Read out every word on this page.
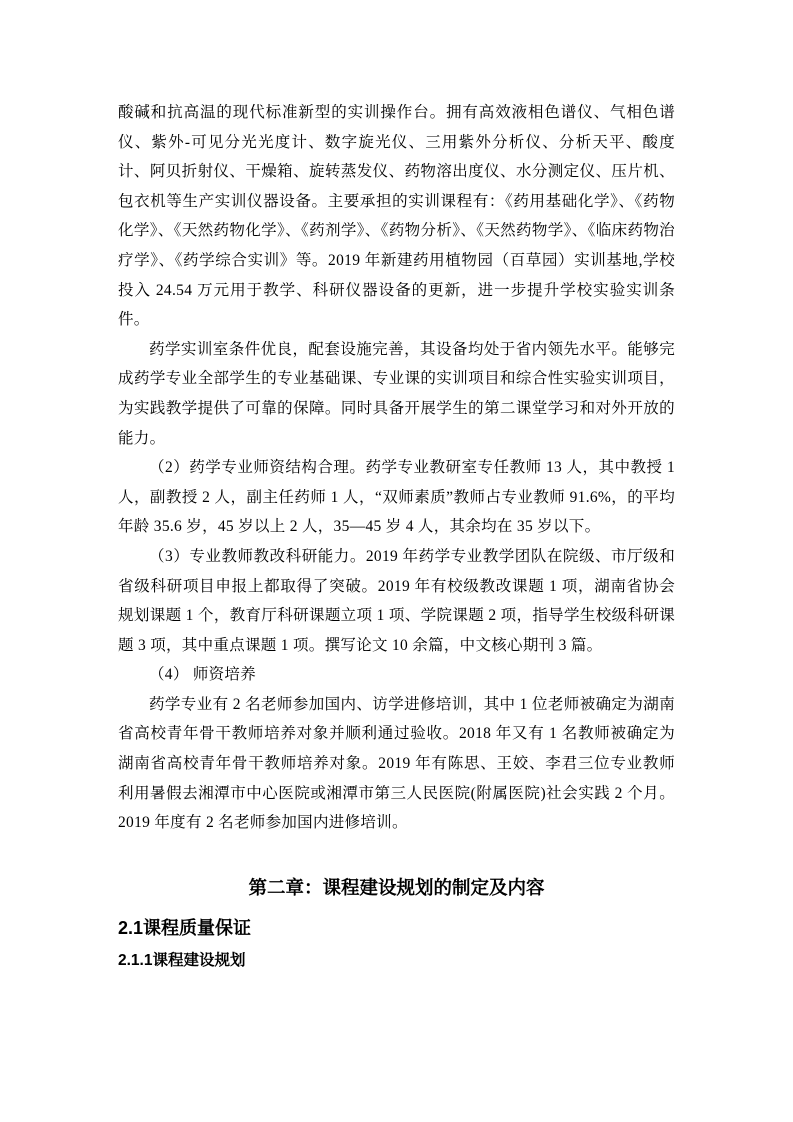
酸碱和抗高温的现代标准新型的实训操作台。拥有高效液相色谱仪、气相色谱仪、紫外-可见分光光度计、数字旋光仪、三用紫外分析仪、分析天平、酸度计、阿贝折射仪、干燥箱、旋转蒸发仪、药物溶出度仪、水分测定仪、压片机、包衣机等生产实训仪器设备。主要承担的实训课程有：《药用基础化学》、《药物化学》、《天然药物化学》、《药剂学》、《药物分析》、《天然药物学》、《临床药物治疗学》、《药学综合实训》等。2019 年新建药用植物园（百草园）实训基地,学校投入 24.54 万元用于教学、科研仪器设备的更新，进一步提升学校实验实训条件。

药学实训室条件优良，配套设施完善，其设备均处于省内领先水平。能够完成药学专业全部学生的专业基础课、专业课的实训项目和综合性实验实训项目，为实践教学提供了可靠的保障。同时具备开展学生的第二课堂学习和对外开放的能力。

（2）药学专业师资结构合理。药学专业教研室专任教师 13 人，其中教授 1 人，副教授 2 人，副主任药师 1 人，“双师素质”教师占专业教师 91.6%，的平均年龄 35.6 岁，45 岁以上 2 人，35—45 岁 4 人，其余均在 35 岁以下。

（3）专业教师教改科研能力。2019 年药学专业教学团队在院级、市厅级和省级科研项目申报上都取得了突破。2019 年有校级教改课题 1 项，湖南省协会规划课题 1 个，教育厅科研课题立项 1 项、学院课题 2 项，指导学生校级科研课题 3 项，其中重点课题 1 项。撰写论文 10 余篇，中文核心期刊 3 篇。

（4） 师资培养

药学专业有 2 名老师参加国内、访学进修培训，其中 1 位老师被确定为湖南省高校青年骨干教师培养对象并顺利通过验收。2018 年又有 1 名教师被确定为湖南省高校青年骨干教师培养对象。2019 年有陈思、王姣、李君三位专业教师利用暑假去湘潭市中心医院或湘潭市第三人民医院(附属医院)社会实践 2 个月。2019 年度有 2 名老师参加国内进修培训。

第二章：课程建设规划的制定及内容
2.1课程质量保证
2.1.1课程建设规划
